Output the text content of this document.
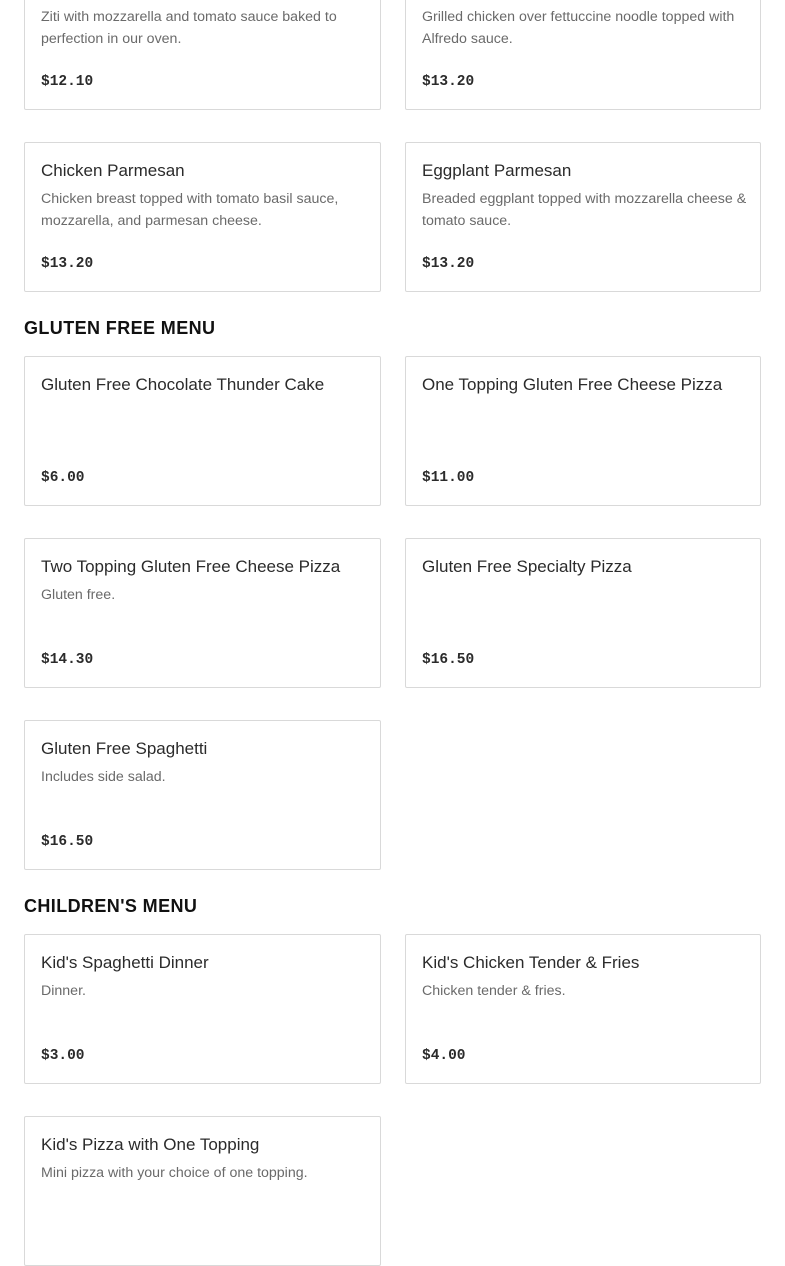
Ziti with mozzarella and tomato sauce baked to perfection in our oven.
$12.10
Grilled chicken over fettuccine noodle topped with Alfredo sauce.
$13.20
Chicken Parmesan
Chicken breast topped with tomato basil sauce, mozzarella, and parmesan cheese.
$13.20
Eggplant Parmesan
Breaded eggplant topped with mozzarella cheese & tomato sauce.
$13.20
GLUTEN FREE MENU
Gluten Free Chocolate Thunder Cake
$6.00
One Topping Gluten Free Cheese Pizza
$11.00
Two Topping Gluten Free Cheese Pizza
Gluten free.
$14.30
Gluten Free Specialty Pizza
$16.50
Gluten Free Spaghetti
Includes side salad.
$16.50
CHILDREN'S MENU
Kid's Spaghetti Dinner
Dinner.
$3.00
Kid's Chicken Tender & Fries
Chicken tender & fries.
$4.00
Kid's Pizza with One Topping
Mini pizza with your choice of one topping.
